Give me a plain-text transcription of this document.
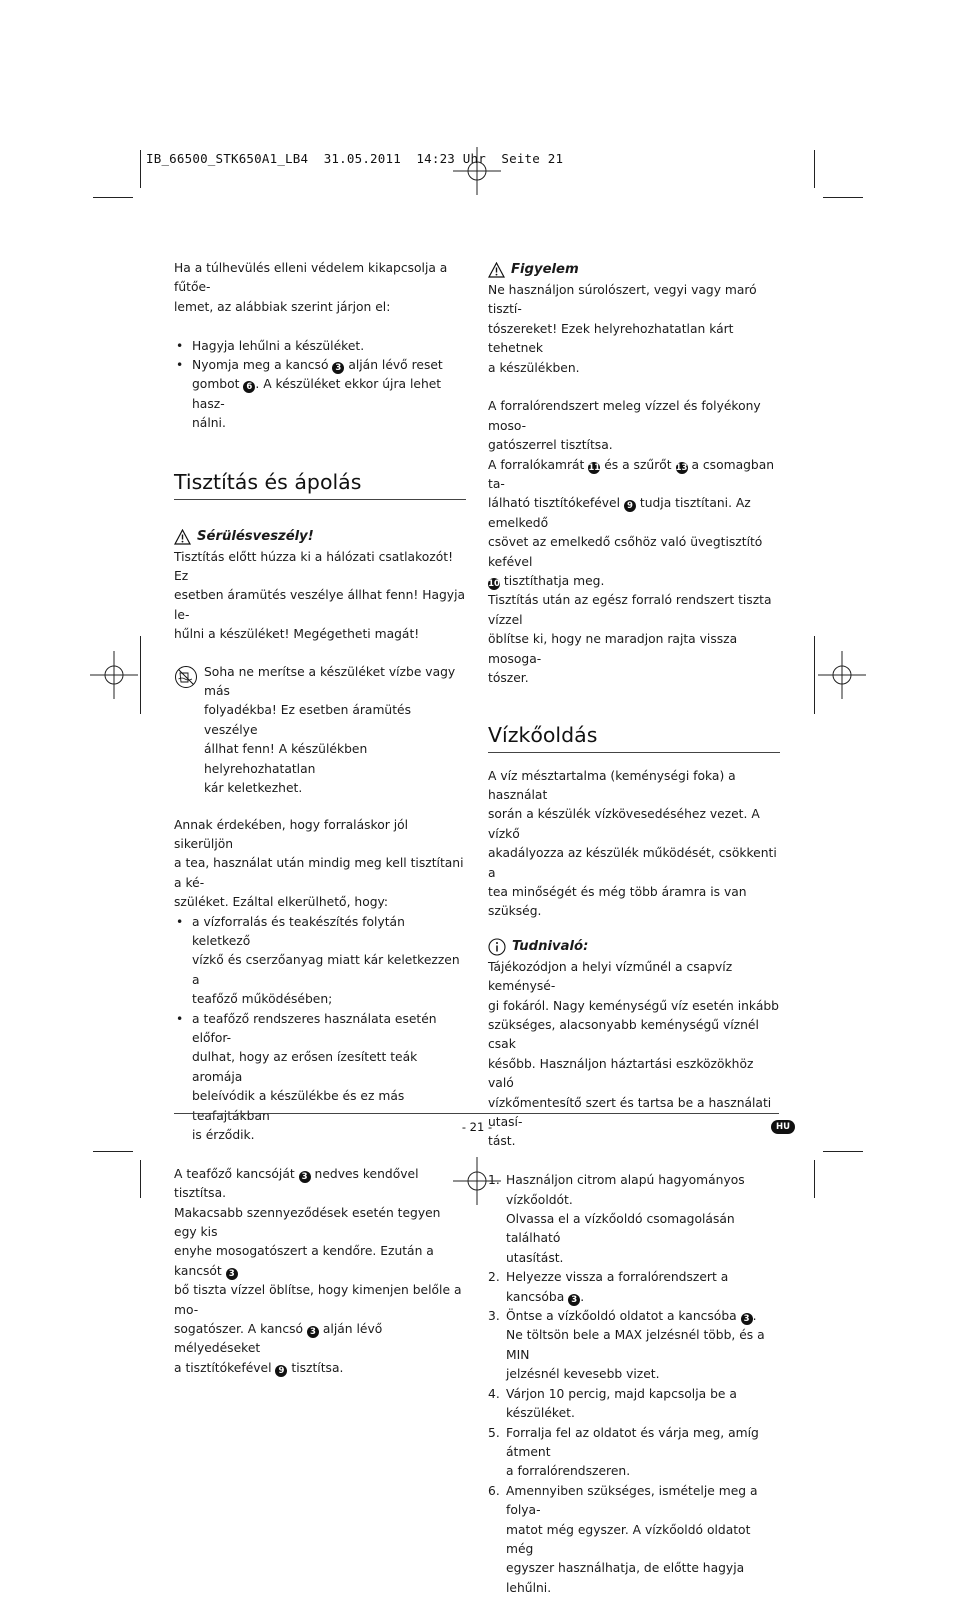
IB_66500_STK650A1_LB4  31.05.2011  14:23 Uhr  Seite 21

Ha a túlhevülés elleni védelem kikapcsolja a fűtőe-
lemet, az alábbiak szerint járjon el:

• Hagyja lehűlni a készüléket.
• Nyomja meg a kancsó 3 alján lévő reset
gombot 6 . A készüléket ekkor újra lehet hasz-
nálni.
Tisztítás és ápolás
Sérülésveszély!

Tisztítás előtt húzza ki a hálózati csatlakozót! Ez
esetben áramütés veszélye állhat fenn! Hagyja le-
hűlni a készüléket! Megégetheti magát!

Soha ne merítse a készüléket vízbe vagy más
folyadékba! Ez esetben áramütés veszélye
állhat fenn! A készülékben helyrehozhatatlan
kár keletkezhet.

Annak érdekében, hogy forraláskor jól sikerüljön
a tea, használat után mindig meg kell tisztítani a ké-
szüléket. Ezáltal elkerülhető, hogy:

• a vízforralás és teakészítés folytán keletkező
vízkő és cserzőanyag miatt kár keletkezzen a
teafőző működésében;
• a teafőző rendszeres használata esetén előfor-
dulhat, hogy az erősen ízesített teák aromája
beleívódik a készülékbe és ez más teafajtákban
is érződik.

A teafőző kancsóját 3 nedves kendővel tisztítsa.
Makacsabb szennyeződések esetén tegyen egy kis
enyhe mosogatószert a kendőre. Ezután a kancsót 3
bő tiszta vízzel öblítse, hogy kimenjen belőle a mo-
sogatószer. A kancsó 3 alján lévő mélyedéseket
a tisztítókefével 9 tisztítsa.

Figyelem

Ne használjon súrolószert, vegyi vagy maró tisztí-
tószereket! Ezek helyrehozhatatlan kárt tehetnek
a készülékben.

A forralórendszert meleg vízzel és folyékony moso-
gatószerrel tisztítsa.
A forralókamrát 11 és a szűrőt 13 a csomagban ta-
lálható tisztítókefével 9 tudja tisztítani. Az emelkedő
csövet az emelkedő csőhöz való üvegtisztító kefével
10 tisztíthatja meg.
Tisztítás után az egész forraló rendszert tiszta vízzel
öblítse ki, hogy ne maradjon rajta vissza mosoga-
tószer.

Vízkőoldás

A víz mésztartalma (keménységi foka) a használat
során a készülék vízkövesedéséhez vezet. A vízkő
akadályozza az készülék működését, csökkenti a
tea minőségét és még több áramra is van szükség.

Tudnivaló:

Tájékozódjon a helyi vízműnél a csapvíz keménysé-
gi fokáról. Nagy keménységű víz esetén inkább
szükséges, alacsonyabb keménységű víznél csak
később. Használjon háztartási eszközökhöz való
vízkőmentesítő szert és tartsa be a használati utasí-
tást.

1. Használjon citrom alapú hagyományos vízkőoldót.
Olvassa el a vízkőoldó csomagolásán található
utasítást.
2. Helyezze vissza a forralórendszert a kancsóba 3 .
3. Öntse a vízkőoldó oldatot a kancsóba 3 .
Ne töltsön bele a MAX jelzésnél több, és a MIN
jelzésnél kevesebb vizet.
4. Várjon 10 percig, majd kapcsolja be a készüléket.
5. Forralja fel az oldatot és várja meg, amíg átment
a forralórendszeren.
6. Amennyiben szükséges, ismételje meg a folya-
matot még egyszer. A vízkőoldó oldatot még
egyszer használhatja, de előtte hagyja lehűlni.
- 21 -	HU
